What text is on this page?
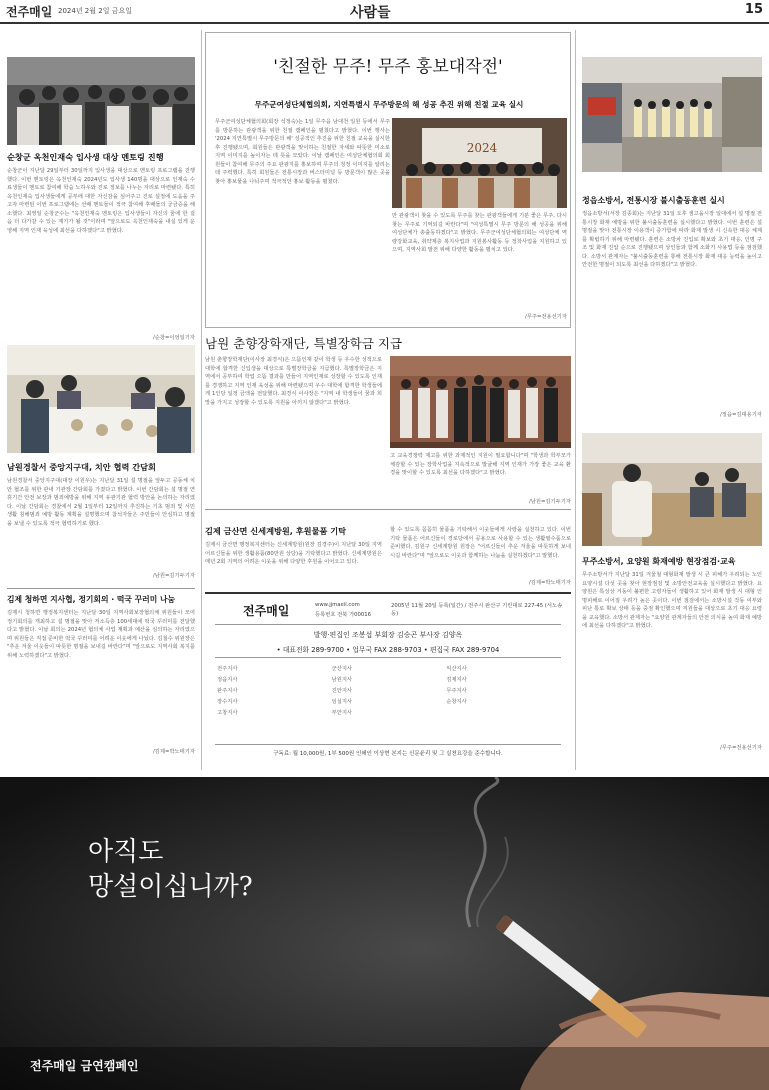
전주매일 2024년 2월 2일 금요일	사람들	15
순창군 옥천인재숙 입사생 대상 멘토링 진행
순창군이 지난달 29일부터 30일까지 입사생을 대상으로 멘토링 프로그램을 진행했다. 이번 멘토링은 옥천인재숙 2024년도 입사생 140명을 대상으로 인재숙 수료생들이 멘토로 참여해 학습 노하우와 진로 정보를 나누는 자리로 마련됐다. 특히 옥천인재숙 입사생들에게 공부에 대한 자신감을 심어주고 진로 설정에 도움을 주고자 마련된 이번 프로그램에는 선배 멘토들이 적극 참여해 후배들의 궁금증을 해소했다. 최영일 순창군수는 "옥천인재숙 멘토링은 입사생들이 자신의 꿈에 한 걸음 더 다가갈 수 있는 계기가 될 것"이라며 "앞으로도 옥천인재숙을 내실 있게 운영해 지역 인재 육성에 최선을 다하겠다"고 밝혔다.
/순창=이엉일기자
남원경찰서 중앙지구대, 치안 협력 간담회
남원경찰서 중앙지구대(대장 이원우)는 지난달 31일 설 명절을 앞두고 공동체 치안 협조를 위한 관내 기관장 간담회를 가졌다고 밝혔다. 이번 간담회는 설 명절 연휴기간 안전 보장과 범죄예방을 위해 지역 유관기관 협력 방안을 논의하는 자리였다. 이날 간담회는 경찰에서 2월 1일부터 12일까지 추진하는 기초 범죄 및 서민 생활 침해범죄 예방 활동 계획을 설명했으며 참석자들은 주민들이 안심하고 명절을 보낼 수 있도록 적극 협력하기로 했다.
/남원=김기두기자
김제 청하면 지사협, 정기회의 · 떡국 꾸러미 나눔
김제시 청하면 행정복지센터는 지난달 30일 지역사회보장협의체 위원들이 모여 정기회의를 개최하고 설 명절을 맞아 저소득층 100세대에 떡국 꾸러미를 전달했다고 밝혔다. 이날 회의는 2024년 협의체 사업 계획과 예산을 심의하는 자리였으며 위원들은 직접 준비한 떡국 꾸러미를 어려운 이웃에게 나눴다. 김철수 위원장은 "추운 겨울 이웃들이 따뜻한 명절을 보내길 바란다"며 "앞으로도 지역사회 복지를 위해 노력하겠다"고 밝혔다.
/김제=박노태기자
'친절한 무주! 무주 홍보대작전'
무주군여성단체협의회, 지연특별시 무주방문의 해 성공 추진 위해 친절 교육 실시
무주군여성단체협의회(회장 석정숙)는 1일 무주읍 남대천 일원 등에서 무주를 방문하는 관광객을 위한 친절 캠페인을 펼쳤다고 밝혔다. 이번 행사는 '2024 지연특별시 무주방문의 해' 성공적인 추진을 위한 친절 교육을 실시한 후 진행됐으며, 회원들은 관광객을 맞이하는 친절한 자세와 따뜻한 미소로 지역 이미지를 높이자는 데 뜻을 모았다. 이날 캠페인은 여성단체협의회 회원들이 참여해 무주의 주요 관광지를 홍보하며 무주의 청정 이미지를 알리는 데 주력했다. 특히 회원들은 전통시장과 버스터미널 등 방문객이 많은 곳을 찾아 홍보물을 나눠주며 적극적인 홍보 활동을 펼쳤다.
2024
만 관광객이 찾을 수 있도록 무주를 찾는 관광객들에게 기분 좋은 무주, 다시 찾는 무주로 기억되길 바란다"며 "여성특별시 무주 방문의 해 성공을 위해 여성단체가 총출동하겠다"고 밝혔다. 무주군여성단체협의회는 여성단체 역량강화교육, 취약계층 복지사업과 지원봉사활동 등 정착사업을 지원하고 있으며, 지역사회 발전 위해 다양한 활동을 펼치고 있다.
/무주=전용선기자
남원 춘향장학재단, 특별장학금 지급
남원 춘향장학재단(이사장 최경식)은 으뜸인재 같이 학생 등 우수한 성적으로 대학에 합격한 신입생을 대상으로 특별장학금을 지급했다. 특별장학금은 지역에서 공부하여 학업 으뜸 결과를 만들어 지역인재로 성장할 수 있도록 인재를 경쟁하고 지역 인재 육성을 위해 마련됐으며 우수 대학에 합격한 학생들에게 1인당 일정 금액을 전달했다. 최경식 이사장은 "지역 내 학생들이 꿈과 희망을 가지고 성장할 수 있도록 지원을 아끼지 않겠다"고 밝혔다.
고 교육경쟁력 제고를 위한 과제적인 지원이 필요합니다"며 "학생과 학부모가 체감할 수 있는 장학사업을 지속적으로 발굴해 지역 인재가 가장 좋은 교육 환경을 맞이할 수 있도록 최선을 다하겠다"고 밝혔다.
/남원=김기두기자
김제 금산면 신세계방원, 후원물품 기탁
김제시 금산면 행정복지센터는 신세계방원(원장 김경주)이 지난달 30일 지역 어르신들을 위한 생활용품(80만원 상당)을 기탁했다고 밝혔다. 신세계방원은 매년 2회 지역의 어려운 이웃을 위해 다양한 후원을 이어오고 있다.
할 수 있도록 꼼꼼히 물품을 기탁해서 이웃들에게 사랑을 실천하고 있다. 이번 기탁 물품은 어르신들이 경로당에서 공용으로 사용할 수 있는 생활필수품으로 준비했다. 김원구 신세계방원 원장은 "어르신들이 추운 겨울을 따뜻하게 보내시길 바란다"며 "앞으로도 이웃과 함께하는 나눔을 실천하겠다"고 말했다.
/김제=박노태기자
전주매일	www.jjmaeil.com
등록번호 전북 가00016
2005년 11월 20일 등록(일간) / 전주시 완산구 기린대로 227-45 (서노송동)
발행·편집인 조봉섭 부회장 김승곤 부사장 김양옥
• 대표전화 289-9700 • 업무국 FAX 288-9703 • 편집국 FAX 289-9704
전주지사	군산지사	익산지사
정읍지사	남원지사	김제지사
완주지사	진안지사	무주지사
장수지사	임실지사	순창지사
고창지사	부안지사
구독료: 월 10,000원, 1부 500원 인쇄인 이상현 본지는 신문윤리 및 그 실천요강을 준수합니다.
정읍소방서, 전통시장 불시출동훈련 실시
정읍소방서(서장 김종회)는 지난달 31일 오후 샘고을시장 일대에서 설 명절 전통시장 화재 예방을 위한 불시출동훈련을 실시했다고 밝혔다. 이번 훈련은 설 명절을 맞아 전통시장 이용객이 증가함에 따라 화재 발생 시 신속한 대응 체계를 확립하기 위해 마련됐다. 훈련은 소방차 진입로 확보와 초기 대응, 인명 구조 및 화재 진압 순으로 진행됐으며 상인들과 함께 소화기 사용법 등을 점검했다. 소방서 관계자는 "불시출동훈련을 통해 전통시장 화재 대응 능력을 높이고 안전한 명절이 되도록 최선을 다하겠다"고 밝혔다.
/정읍=김대용기자
무주소방서, 요양원 화재예방 현장점검·교육
무주소방서가 지난달 31일 겨울철 대형화재 발생 시 큰 피해가 우려되는 노인요양시설 다섯 곳을 찾아 현장점검 및 소방안전교육을 실시했다고 밝혔다. 요양원은 특성상 거동이 불편한 고령자들이 생활하고 있어 화재 발생 시 대형 인명피해로 이어질 우려가 높은 곳이다. 이번 점검에서는 소방시설 작동 여부와 피난 통로 확보 상태 등을 중점 확인했으며 직원들을 대상으로 초기 대응 요령을 교육했다. 소방서 관계자는 "요양원 관계자들의 안전 의식을 높여 화재 예방에 최선을 다하겠다"고 밝혔다.
/무주=전용선기자
아직도
망설이십니까?
전주매일 금연캠페인
